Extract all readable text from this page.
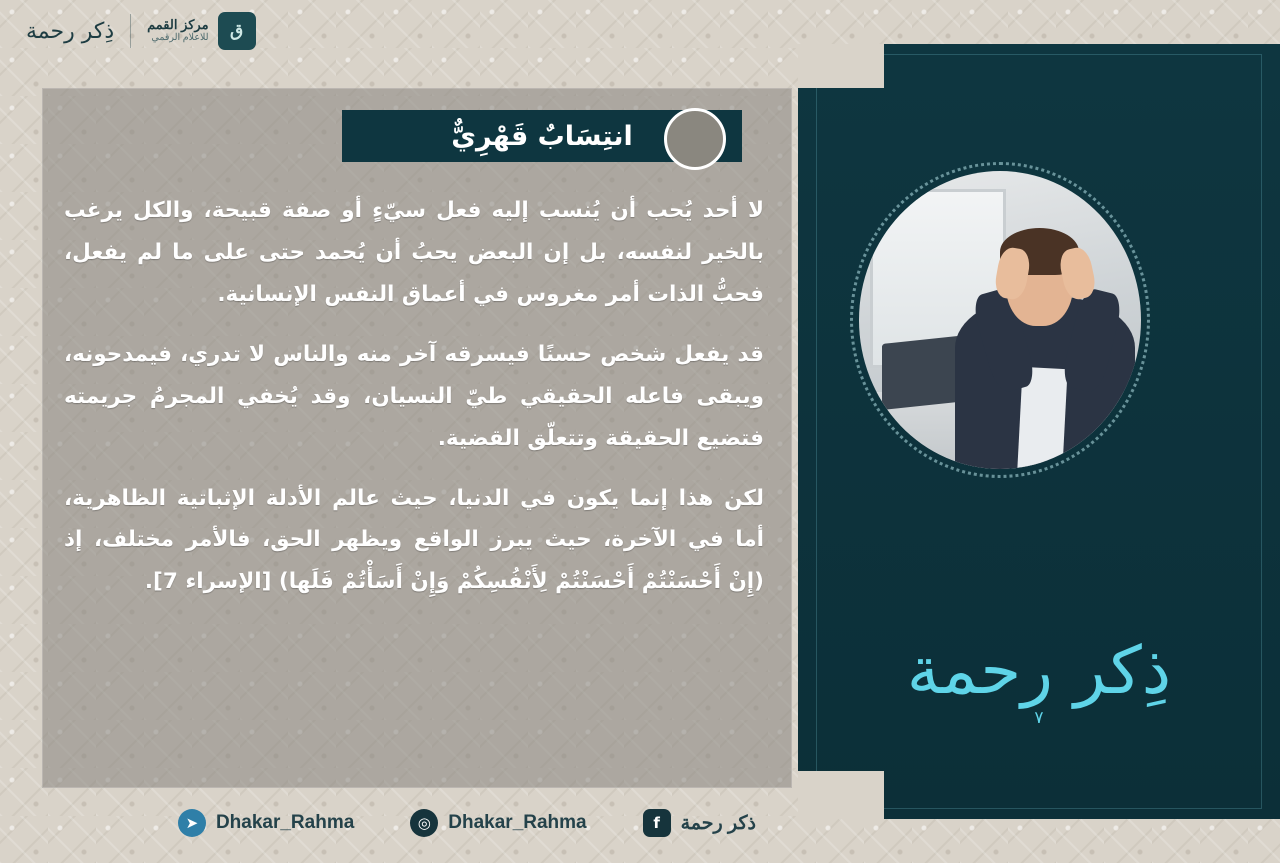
ق
مركز القمم
للاعلام الرقمي
ذِكر رحمة
ذِكر رحمة
٧
انتِسَابٌ قَهْرِيٌّ

لا أحد يُحب أن يُنسب إليه فعل سيّءٍ أو صفة قبيحة، والكل يرغب بالخير لنفسه، بل إن البعض يحبُ أن يُحمد حتى على ما لم يفعل، فحبُّ الذات أمر مغروس في أعماق النفس الإنسانية.

قد يفعل شخص حسنًا فيسرقه آخر منه والناس لا تدري، فيمدحونه، ويبقى فاعله الحقيقي طيّ النسيان، وقد يُخفي المجرمُ جريمته فتضيع الحقيقة وتتعلّق القضية.

لكن هذا إنما يكون في الدنيا، حيث عالم الأدلة الإثباتية الظاهرية، أما في الآخرة، حيث يبرز الواقع ويظهر الحق، فالأمر مختلف، إذ (إِنْ أَحْسَنْتُمْ أَحْسَنْتُمْ لِأَنْفُسِكُمْ وَإِنْ أَسَأْتُمْ فَلَها) [الإسراء 7].

f	ذكر رحمة
◎ Dhakar_Rahma
➤ Dhakar_Rahma
